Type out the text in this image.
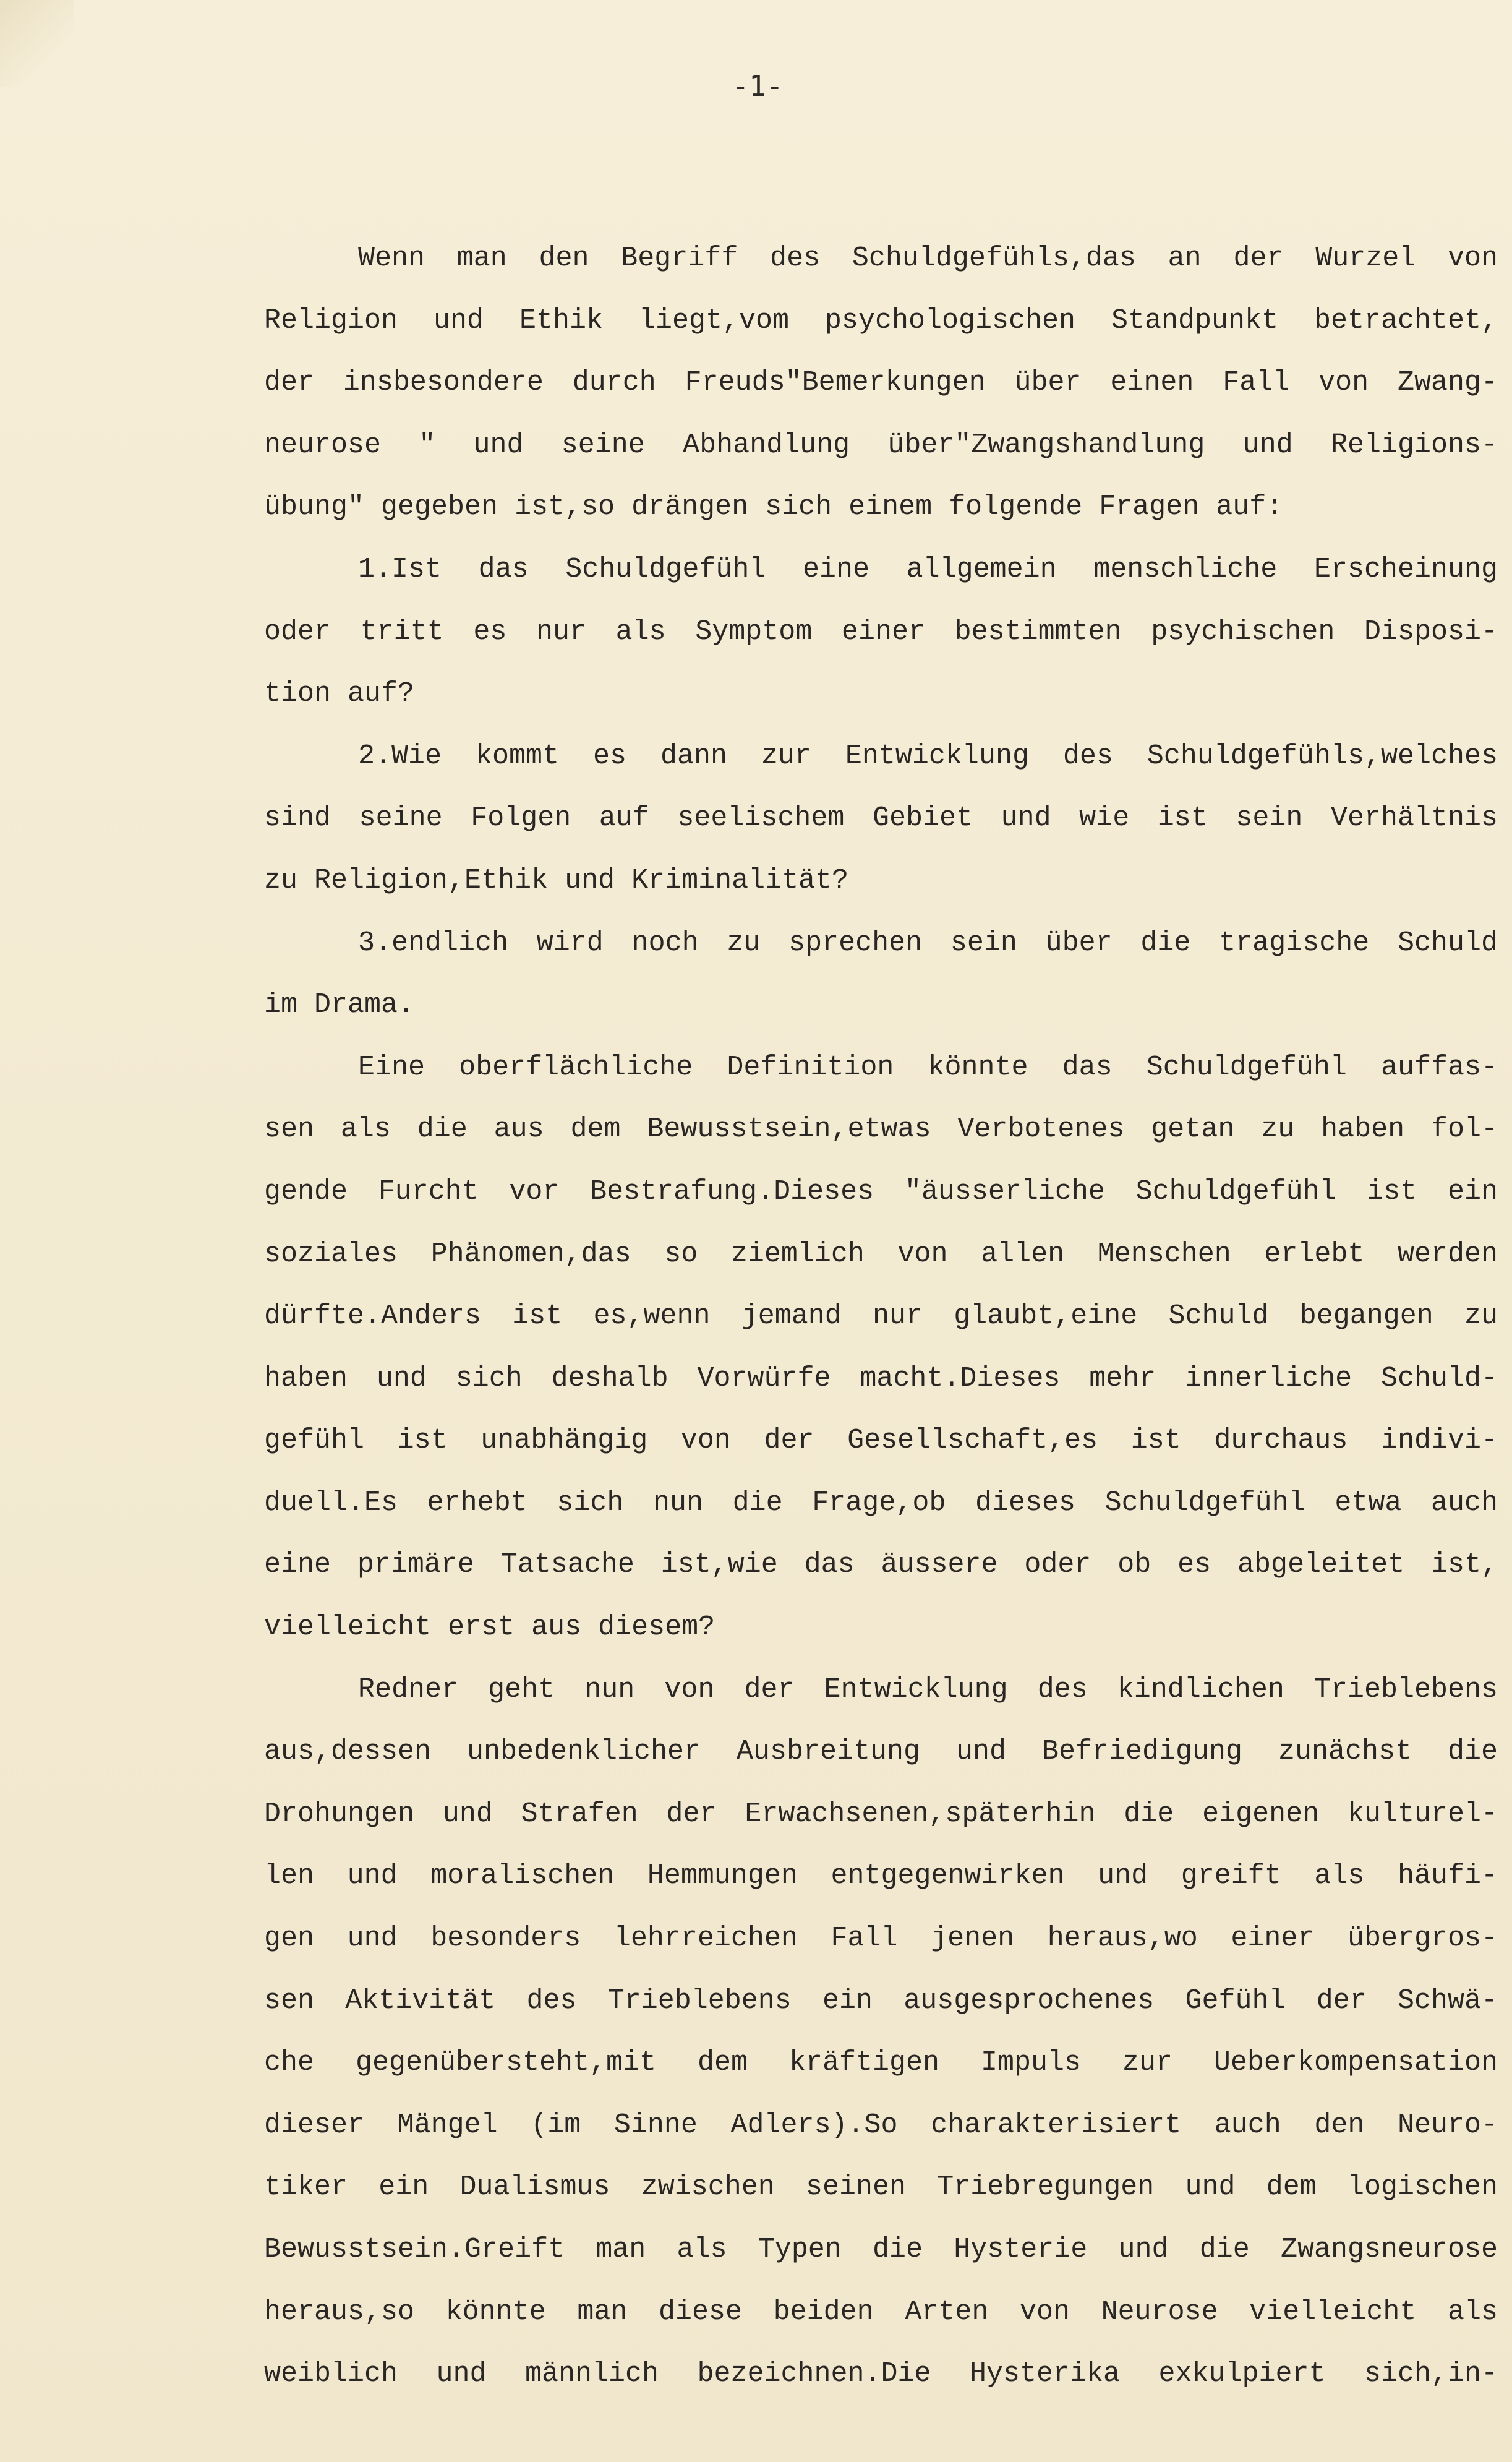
-1-
Wenn man den Begriff des Schuldgefühls,das an der Wurzel von
Religion und Ethik liegt,vom psychologischen Standpunkt betrachtet,
der insbesondere durch Freuds"Bemerkungen über einen Fall von Zwang-
neurose " und seine Abhandlung über"Zwangshandlung und Religions-
übung" gegeben ist,so drängen sich einem folgende Fragen auf:
1.Ist das Schuldgefühl eine allgemein menschliche Erscheinung
oder tritt es nur als Symptom einer bestimmten psychischen Disposi-
tion auf?
2.Wie kommt es dann zur Entwicklung des Schuldgefühls,welches
sind seine Folgen auf seelischem Gebiet und wie ist sein Verhältnis
zu Religion,Ethik und Kriminalität?
3.endlich wird noch zu sprechen sein über die tragische Schuld
im Drama.
Eine oberflächliche Definition könnte das Schuldgefühl auffas-
sen als die aus dem Bewusstsein,etwas Verbotenes getan zu haben fol-
gende Furcht vor Bestrafung.Dieses "äusserliche Schuldgefühl ist ein
soziales Phänomen,das so ziemlich von allen Menschen erlebt werden
dürfte.Anders ist es,wenn jemand nur glaubt,eine Schuld begangen zu
haben und sich deshalb Vorwürfe macht.Dieses mehr innerliche Schuld-
gefühl ist unabhängig von der Gesellschaft,es ist durchaus indivi-
duell.Es erhebt sich nun die Frage,ob dieses Schuldgefühl etwa auch
eine primäre Tatsache ist,wie das äussere oder ob es abgeleitet ist,
vielleicht erst aus diesem?
Redner geht nun von der Entwicklung des kindlichen Trieblebens
aus,dessen unbedenklicher Ausbreitung und Befriedigung zunächst die
Drohungen und Strafen der Erwachsenen,späterhin die eigenen kulturel-
len und moralischen Hemmungen entgegenwirken und greift als häufi-
gen und besonders lehrreichen Fall jenen heraus,wo einer übergros-
sen Aktivität des Trieblebens ein ausgesprochenes Gefühl der Schwä-
che gegenübersteht,mit dem kräftigen Impuls zur Ueberkompensation
dieser Mängel (im Sinne Adlers).So charakterisiert auch den Neuro-
tiker ein Dualismus zwischen seinen Triebregungen und dem logischen
Bewusstsein.Greift man als Typen die Hysterie und die Zwangsneurose
heraus,so könnte man diese beiden Arten von Neurose vielleicht als
weiblich und männlich bezeichnen.Die Hysterika exkulpiert sich,in-
